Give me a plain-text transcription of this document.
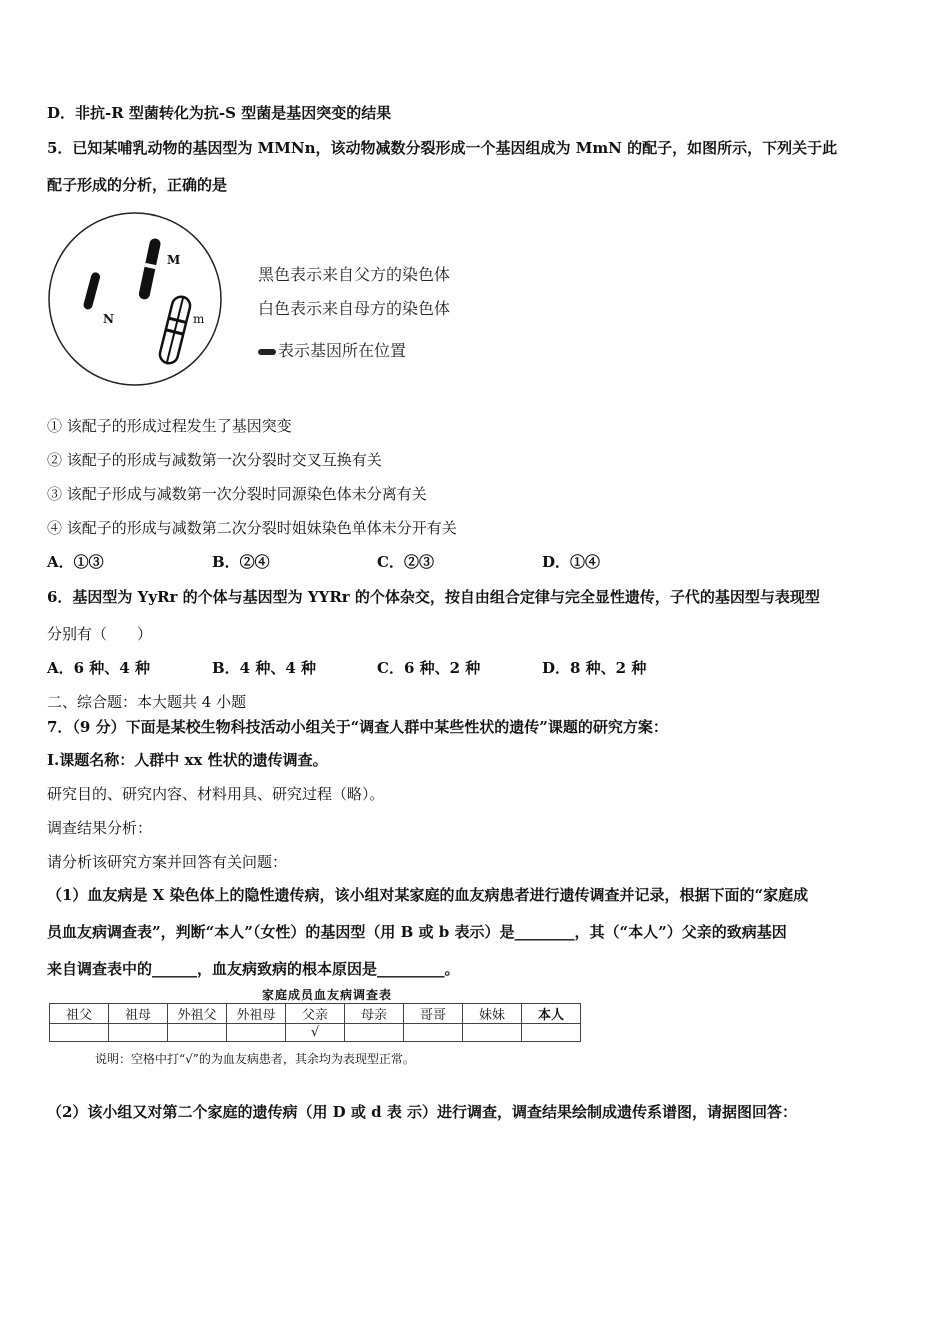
D．非抗-R 型菌转化为抗-S 型菌是基因突变的结果
5．已知某哺乳动物的基因型为 MMNn，该动物减数分裂形成一个基因组成为 MmN 的配子，如图所示，下列关于此
配子形成的分析，正确的是
M
N	m
黑色表示来自父方的染色体
白色表示来自母方的染色体
表示基因所在位置
① 该配子的形成过程发生了基因突变
② 该配子的形成与减数第一次分裂时交叉互换有关
③ 该配子形成与减数第一次分裂时同源染色体未分离有关
④ 该配子的形成与减数第二次分裂时姐妹染色单体未分开有关
A．①③	B．②④	C．②③	D．①④
6．基因型为 YyRr 的个体与基因型为 YYRr 的个体杂交，按自由组合定律与完全显性遗传，子代的基因型与表现型
分别有（　　）
A．6 种、4 种	B．4 种、4 种	C．6 种、2 种	D．8 种、2 种
二、综合题：本大题共 4 小题
7．（9 分）下面是某校生物科技活动小组关于“调查人群中某些性状的遗传”课题的研究方案：
I.课题名称：人群中 xx 性状的遗传调查。
研究目的、研究内容、材料用具、研究过程（略）。
调查结果分析：
请分析该研究方案并回答有关问题：
（1）血友病是 X 染色体上的隐性遗传病，该小组对某家庭的血友病患者进行遗传调查并记录，根据下面的“家庭成
员血友病调查表”，判断“本人”（女性）的基因型（用 B 或 b 表示）是________，其（“本人”）父亲的致病基因
来自调查表中的______，血友病致病的根本原因是_________。
家庭成员血友病调查表
祖父	祖母	外祖父	外祖母	父亲	母亲	哥哥	妹妹	本人
				√				
说明：空格中打“√”的为血友病患者，其余均为表现型正常。
（2）该小组又对第二个家庭的遗传病（用 D 或 d 表 示）进行调查，调查结果绘制成遗传系谱图，请据图回答：
